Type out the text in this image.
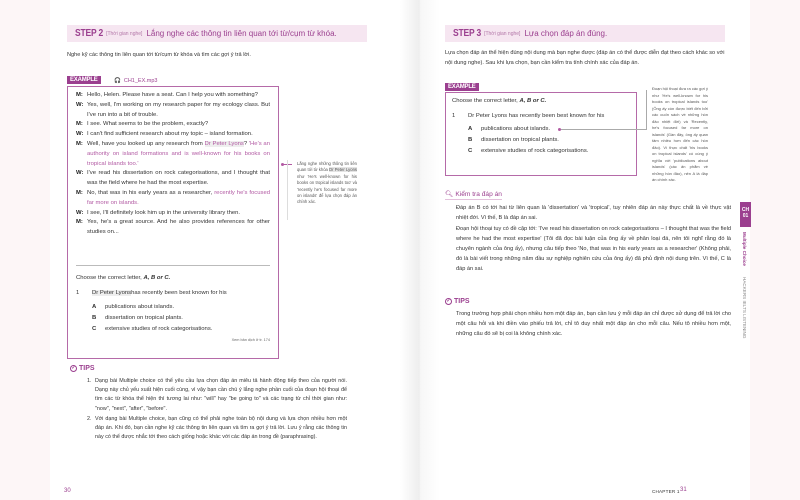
STEP 2 [Thời gian nghe] Lắng nghe các thông tin liên quan tới từ/cụm từ khóa.
Nghe kỹ các thông tin liên quan tới từ/cụm từ khóa và tìm các gợi ý trả lời.
EXAMPLE	🎧 CH1_EX.mp3
M: Hello, Helen. Please have a seat. Can I help you with something?
W: Yes, well, I'm working on my research paper for my ecology class. But I've run into a bit of trouble.
M: I see. What seems to be the problem, exactly?
W: I can't find sufficient research about my topic – island formation.
M: Well, have you looked up any research from Dr Peter Lyons? 'He's an authority on island formations and is well-known for his books on tropical islands too.'
W: I've read his dissertation on rock categorisations, and I thought that was the field where he had the most expertise.
M: No, that was in his early years as a researcher, recently he's focused far more on islands.
W: I see, I'll definitely look him up in the university library then.
M: Yes, he's a great source. And he also provides references for other studies on...
Choose the correct letter, A, B or C.
1	Dr Peter Lyons has recently been best known for his
A	publications about islands.
B	dissertation on tropical plants.
C	extensive studies of rock categorisations.
Xem bản dịch ở tr. 174
Lắng nghe những thông tin liên quan tới từ khóa Dr Peter Lyons như 'He's well-known for his books on tropical islands too' và 'recently he's focused far more on islands' để lựa chọn đáp án chính xác.
✓ TIPS
1. Dạng bài Multiple choice có thể yêu cầu lựa chọn đáp án miêu tả hành động tiếp theo của người nói. Dạng này chủ yếu xuất hiện cuối cùng, vì vậy bạn cần chú ý lắng nghe phần cuối của đoạn hội thoại để tìm các từ khóa thể hiện thì tương lai như: "will" hay "be going to" và các trạng từ chỉ thời gian như: "now", "next", "after", "before".
2. Với dạng bài Multiple choice, bạn cũng có thể phải nghe toàn bộ nội dung và lựa chọn nhiều hơn một đáp án. Khi đó, bạn cần nghe kỹ các thông tin liên quan và tìm ra gợi ý trả lời. Lưu ý rằng các thông tin này có thể được nhắc tới theo cách giống hoặc khác với các đáp án trong đề (paraphrasing).
30
STEP 3 [Thời gian nghe] Lựa chọn đáp án đúng.
Lựa chọn đáp án thể hiện đúng nội dung mà bạn nghe được (đáp án có thể được diễn đạt theo cách khác so với nội dung nghe). Sau khi lựa chọn, bạn cần kiểm tra tính chính xác của đáp án.
EXAMPLE
Choose the correct letter, A, B or C.
1	Dr Peter Lyons has recently been best known for his
A	publications about islands.
B	dissertation on tropical plants.
C	extensive studies of rock categorisations.
Đoạn hội thoại đưa ra các gợi ý như 'He's well-known for his books on tropical islands too' (Ông ấy còn được biết đến bởi các cuốn sách về những hòn đảo nhiệt đới) và 'Recently, he's focused far more on islands' (Gần đây, ông ấy quan tâm nhiều hơn đến các hòn đảo). Vì thực chất 'his books on tropical islands' có cùng ý nghĩa với 'publications about islands' (các ấn phẩm về những hòn đảo), nên A là đáp án chính xác.
🔍︎ Kiểm tra đáp án

Đáp án B có tới hai từ liên quan là 'dissertation' và 'tropical', tuy nhiên đáp án này thực chất là về thực vật nhiệt đới. Vì thế, B là đáp án sai.

Đoạn hội thoại tuy có đề cập tới: 'I've read his dissertation on rock categorisations – I thought that was the field where he had the most expertise' (Tôi đã đọc bài luận của ông ấy về phân loại đá, nên tôi nghĩ rằng đó là chuyên ngành của ông ấy), nhưng câu tiếp theo 'No, that was in his early years as a researcher' (Không phải, đó là bài viết trong những năm đầu sự nghiệp nghiên cứu của ông ấy) đã phủ định nội dung trên. Vì thế, C là đáp án sai.

✓ TIPS
Trong trường hợp phải chọn nhiều hơn một đáp án, bạn cần lưu ý mỗi đáp án chỉ được sử dụng để trả lời cho một câu hỏi và khi điền vào phiếu trả lời, chỉ tô duy nhất một đáp án cho mỗi câu. Nếu tô nhiều hơn một, những câu đó sẽ bị coi là không chính xác.
CHAPTER 1 31
CH 01
Multiple Choice
HACKERS IELTS LISTENING
